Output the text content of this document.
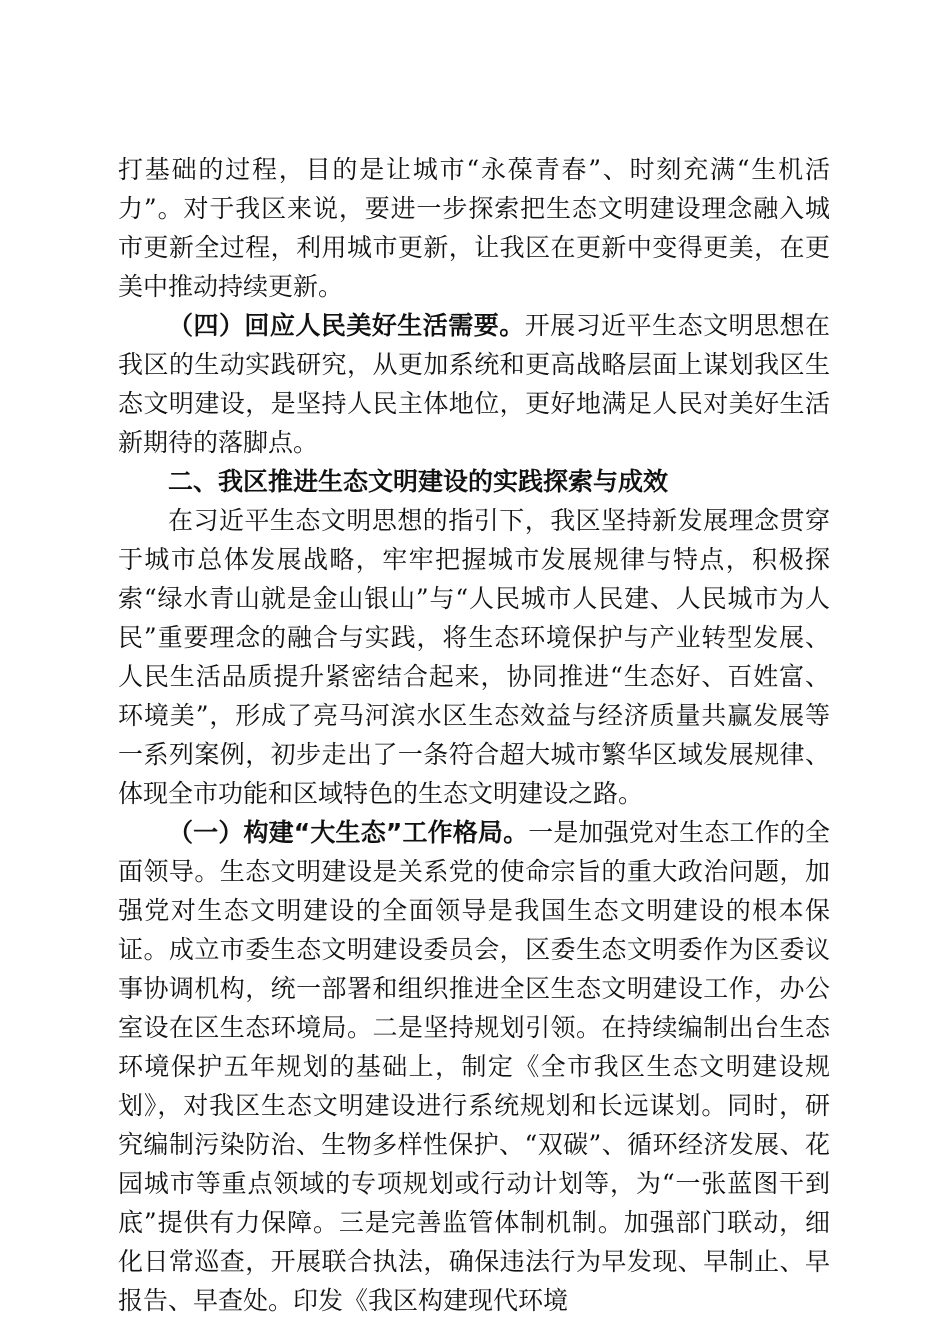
打基础的过程，目的是让城市“永葆青春”、时刻充满“生机活力”。对于我区来说，要进一步探索把生态文明建设理念融入城市更新全过程，利用城市更新，让我区在更新中变得更美，在更美中推动持续更新。

（四）回应人民美好生活需要。开展习近平生态文明思想在我区的生动实践研究，从更加系统和更高战略层面上谋划我区生态文明建设，是坚持人民主体地位，更好地满足人民对美好生活新期待的落脚点。

二、我区推进生态文明建设的实践探索与成效

在习近平生态文明思想的指引下，我区坚持新发展理念贯穿于城市总体发展战略，牢牢把握城市发展规律与特点，积极探索“绿水青山就是金山银山”与“人民城市人民建、人民城市为人民”重要理念的融合与实践，将生态环境保护与产业转型发展、人民生活品质提升紧密结合起来，协同推进“生态好、百姓富、环境美”，形成了亮马河滨水区生态效益与经济质量共赢发展等一系列案例，初步走出了一条符合超大城市繁华区域发展规律、体现全市功能和区域特色的生态文明建设之路。

（一）构建“大生态”工作格局。一是加强党对生态工作的全面领导。生态文明建设是关系党的使命宗旨的重大政治问题，加强党对生态文明建设的全面领导是我国生态文明建设的根本保证。成立市委生态文明建设委员会，区委生态文明委作为区委议事协调机构，统一部署和组织推进全区生态文明建设工作，办公室设在区生态环境局。二是坚持规划引领。在持续编制出台生态环境保护五年规划的基础上，制定《全市我区生态文明建设规划》，对我区生态文明建设进行系统规划和长远谋划。同时，研究编制污染防治、生物多样性保护、“双碳”、循环经济发展、花园城市等重点领域的专项规划或行动计划等，为“一张蓝图干到底”提供有力保障。三是完善监管体制机制。加强部门联动，细化日常巡查，开展联合执法，确保违法行为早发现、早制止、早报告、早查处。印发《我区构建现代环境
